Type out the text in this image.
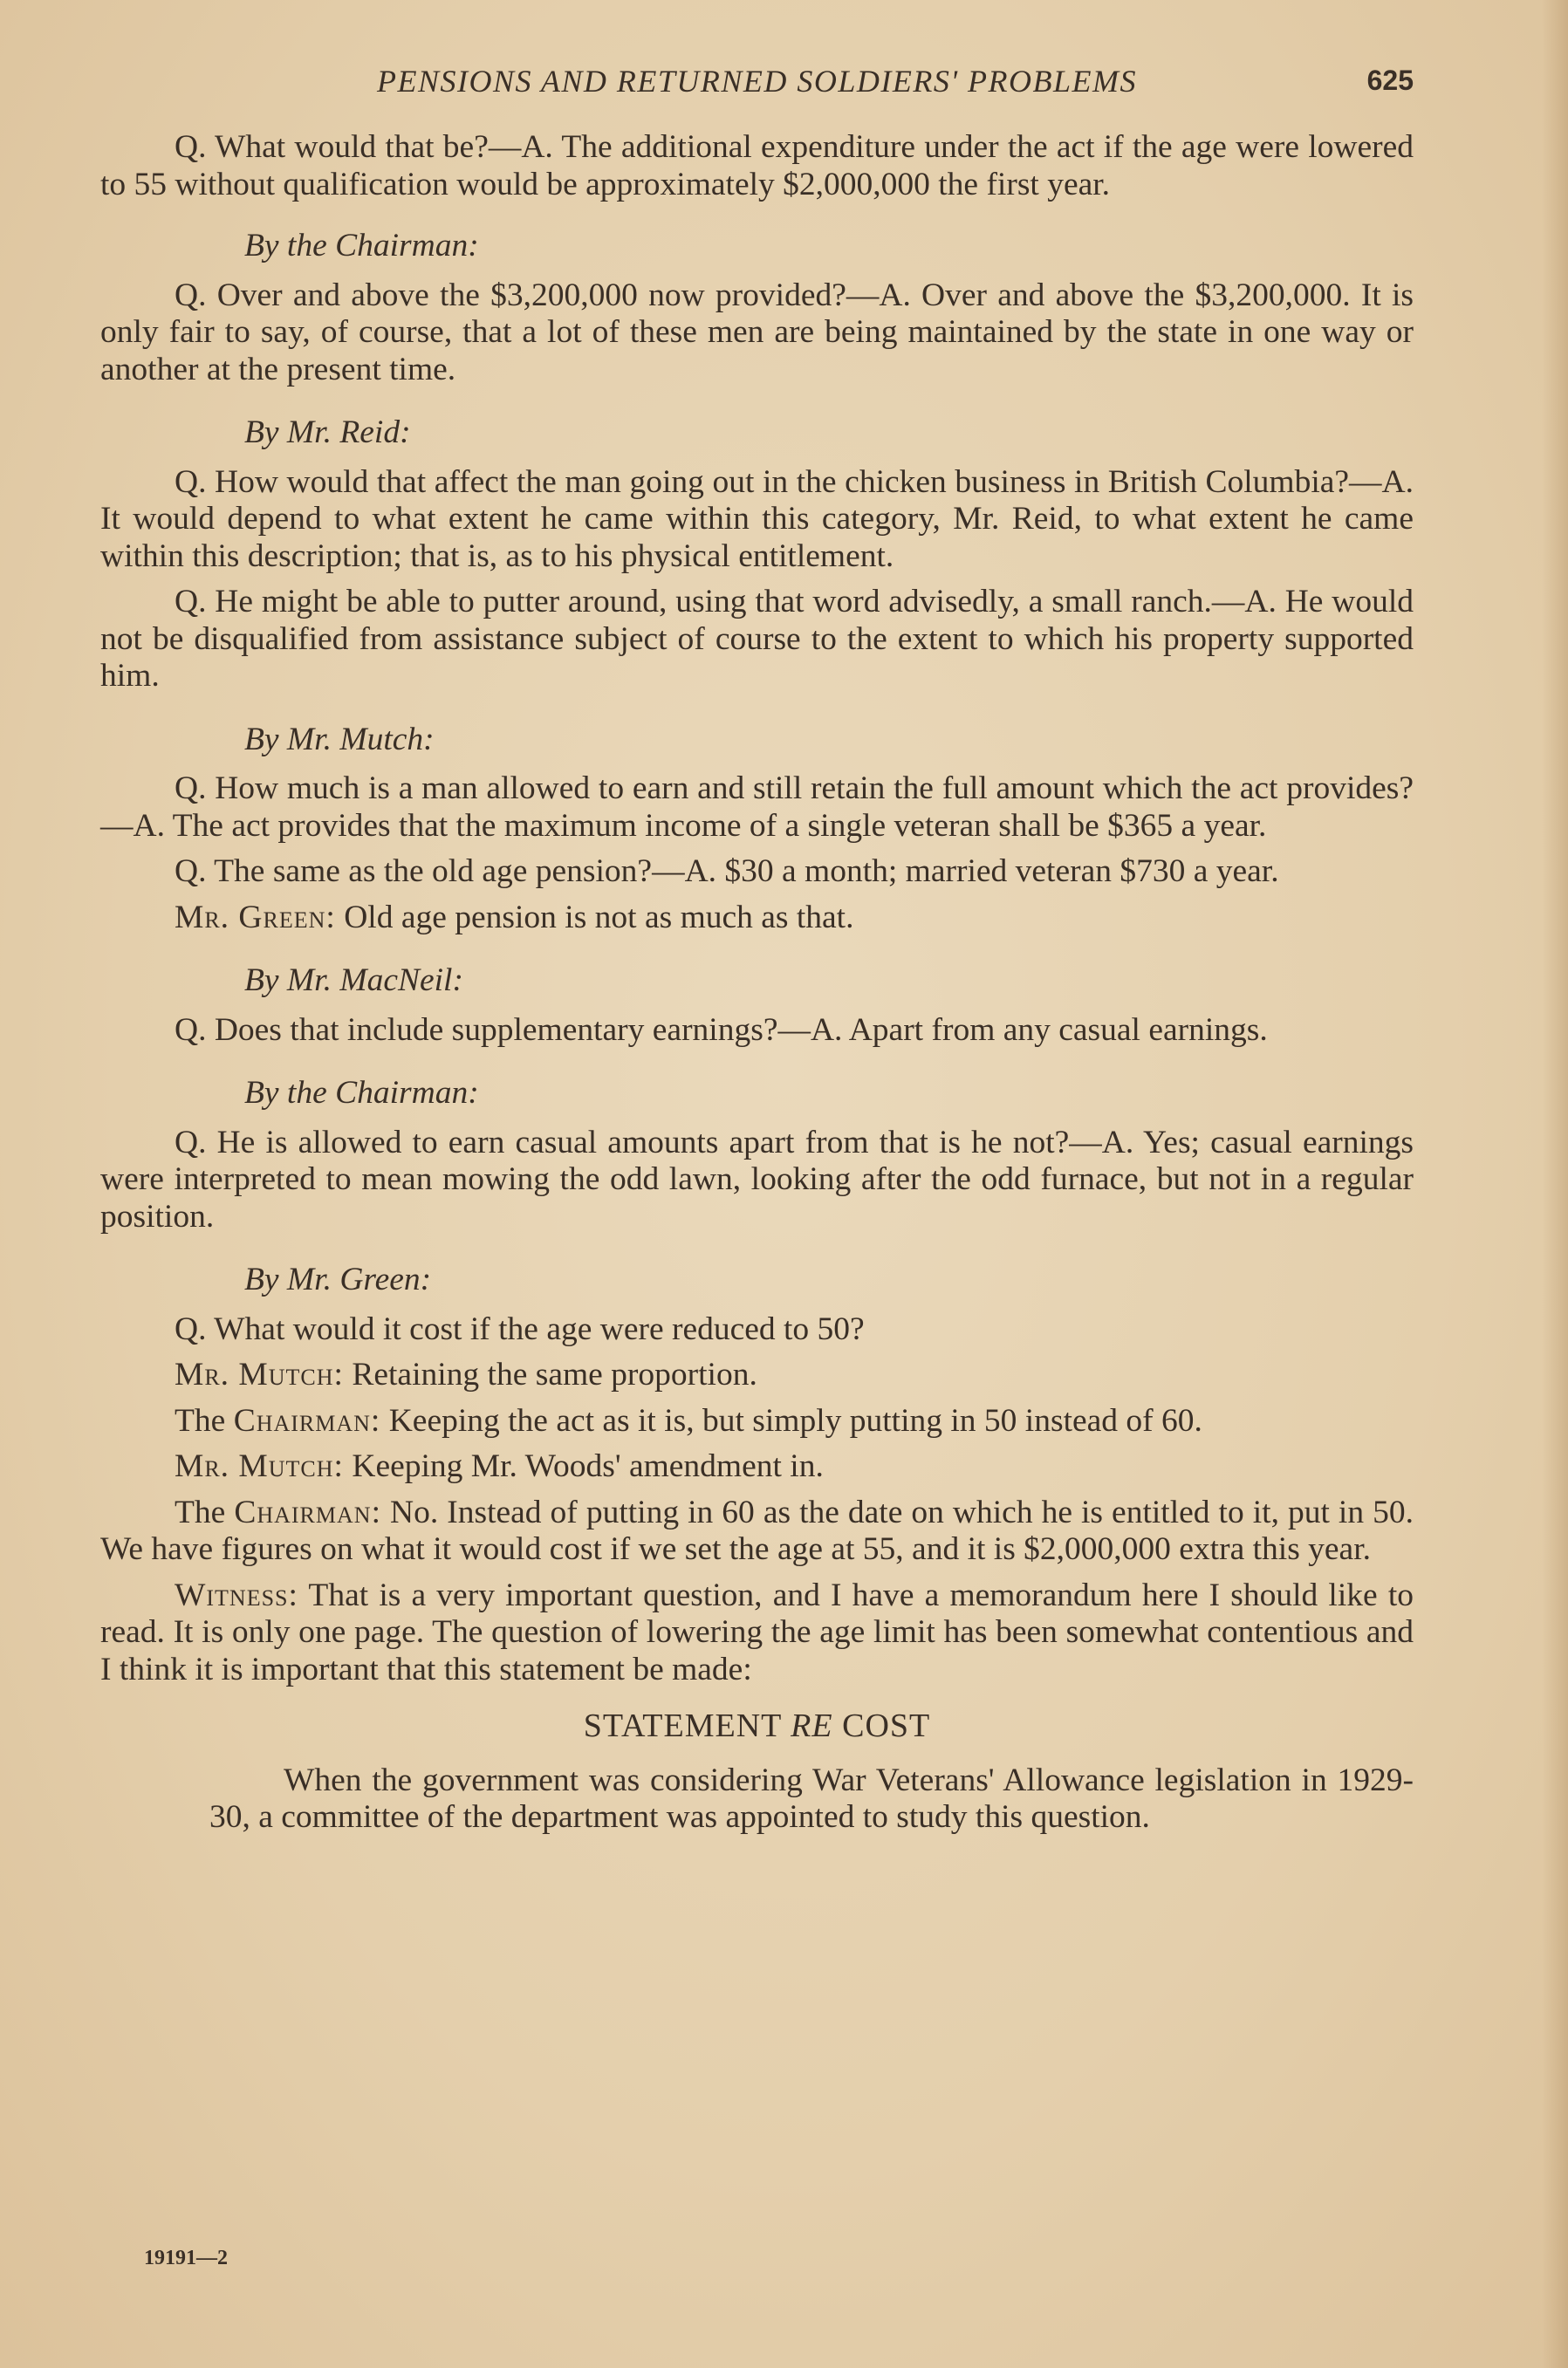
PENSIONS AND RETURNED SOLDIERS' PROBLEMS	625

Q. What would that be?—A. The additional expenditure under the act if the age were lowered to 55 without qualification would be approximately $2,000,000 the first year.

By the Chairman:

Q. Over and above the $3,200,000 now provided?—A. Over and above the $3,200,000. It is only fair to say, of course, that a lot of these men are being maintained by the state in one way or another at the present time.

By Mr. Reid:

Q. How would that affect the man going out in the chicken business in British Columbia?—A. It would depend to what extent he came within this category, Mr. Reid, to what extent he came within this description; that is, as to his physical entitlement.

Q. He might be able to putter around, using that word advisedly, a small ranch.—A. He would not be disqualified from assistance subject of course to the extent to which his property supported him.

By Mr. Mutch:

Q. How much is a man allowed to earn and still retain the full amount which the act provides?—A. The act provides that the maximum income of a single veteran shall be $365 a year.

Q. The same as the old age pension?—A. $30 a month; married veteran $730 a year.

Mr. Green: Old age pension is not as much as that.

By Mr. MacNeil:

Q. Does that include supplementary earnings?—A. Apart from any casual earnings.

By the Chairman:

Q. He is allowed to earn casual amounts apart from that is he not?—A. Yes; casual earnings were interpreted to mean mowing the odd lawn, looking after the odd furnace, but not in a regular position.

By Mr. Green:

Q. What would it cost if the age were reduced to 50?

Mr. Mutch: Retaining the same proportion.

The Chairman: Keeping the act as it is, but simply putting in 50 instead of 60.

Mr. Mutch: Keeping Mr. Woods' amendment in.

The Chairman: No. Instead of putting in 60 as the date on which he is entitled to it, put in 50. We have figures on what it would cost if we set the age at 55, and it is $2,000,000 extra this year.

Witness: That is a very important question, and I have a memorandum here I should like to read. It is only one page. The question of lowering the age limit has been somewhat contentious and I think it is important that this statement be made:

STATEMENT RE COST

When the government was considering War Veterans' Allowance legislation in 1929-30, a committee of the department was appointed to study this question.

19191—2
